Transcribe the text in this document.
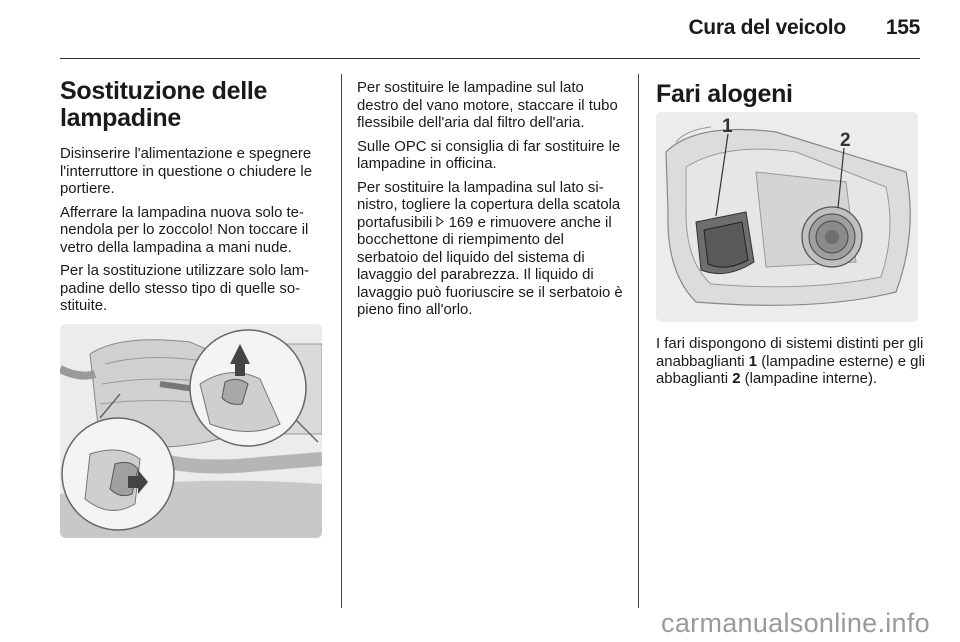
Cura del veicolo 155
Sostituzione delle lampadine

Disinserire l'alimentazione e spegnere l'interruttore in questione o chiudere le portiere.

Afferrare la lampadina nuova solo tenendola per lo zoccolo! Non toccare il vetro della lampadina a mani nude.

Per la sostituzione utilizzare solo lampadine dello stesso tipo di quelle sostituite.

Per sostituire le lampadine sul lato destro del vano motore, staccare il tubo flessibile dell'aria dal filtro dell'aria.

Sulle OPC si consiglia di far sostituire le lampadine in officina.

Per sostituire la lampadina sul lato sinistro, togliere la copertura della scatola portafusibili 169 e rimuovere anche il bocchettone di riempimento del serbatoio del liquido del sistema di lavaggio del parabrezza. Il liquido di lavaggio può fuoriuscire se il serbatoio è pieno fino all'orlo.

Fari alogeni
1
2

I fari dispongono di sistemi distinti per gli anabbaglianti 1 (lampadine esterne) e gli abbaglianti 2 (lampadine interne).

carmanualsonline.info
